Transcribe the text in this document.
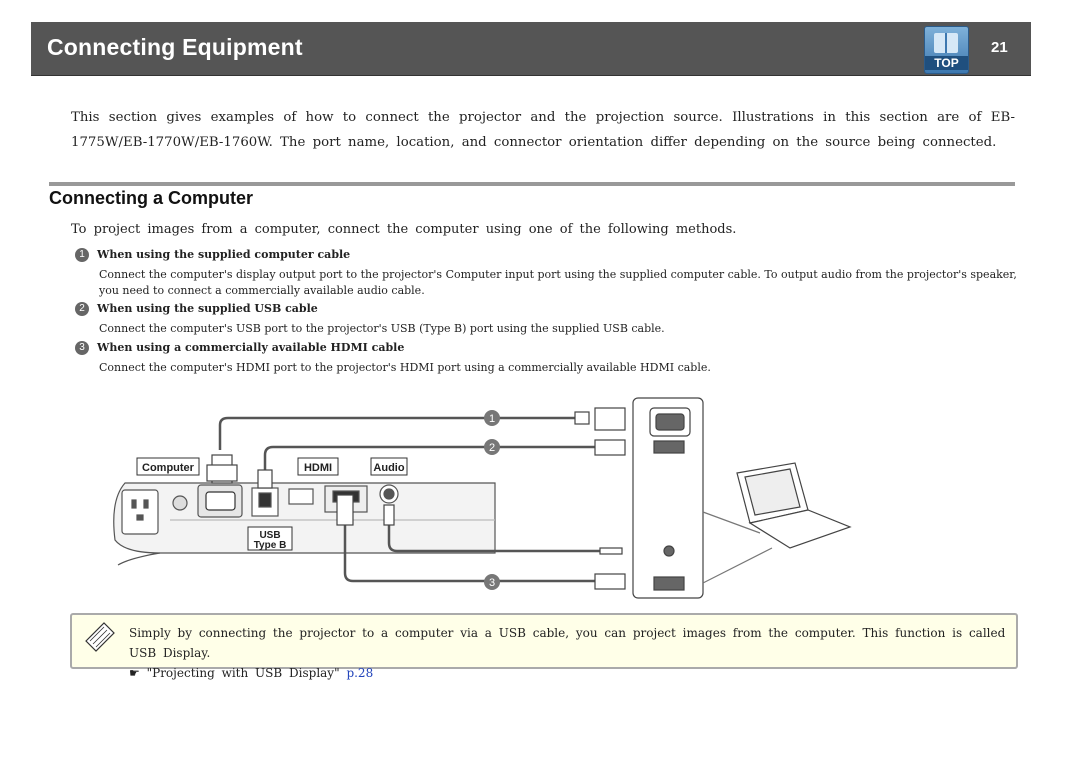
Connecting Equipment
TOP
21
This section gives examples of how to connect the projector and the projection source. Illustrations in this section are of EB-1775W/EB-1770W/EB-1760W. The port name, location, and connector orientation differ depending on the source being connected.
Connecting a Computer
To project images from a computer, connect the computer using one of the following methods.
1 When using the supplied computer cable
Connect the computer's display output port to the projector's Computer input port using the supplied computer cable. To output audio from the projector's speaker, you need to connect a commercially available audio cable.
2 When using the supplied USB cable
Connect the computer's USB port to the projector's USB (Type B) port using the supplied USB cable.
3 When using a commercially available HDMI cable
Connect the computer's HDMI port to the projector's HDMI port using a commercially available HDMI cable.
Computer	HDMI	Audio
USB
Type B
1
2
3
Simply by connecting the projector to a computer via a USB cable, you can project images from the computer. This function is called USB Display.
☛ "Projecting with USB Display" p.28
